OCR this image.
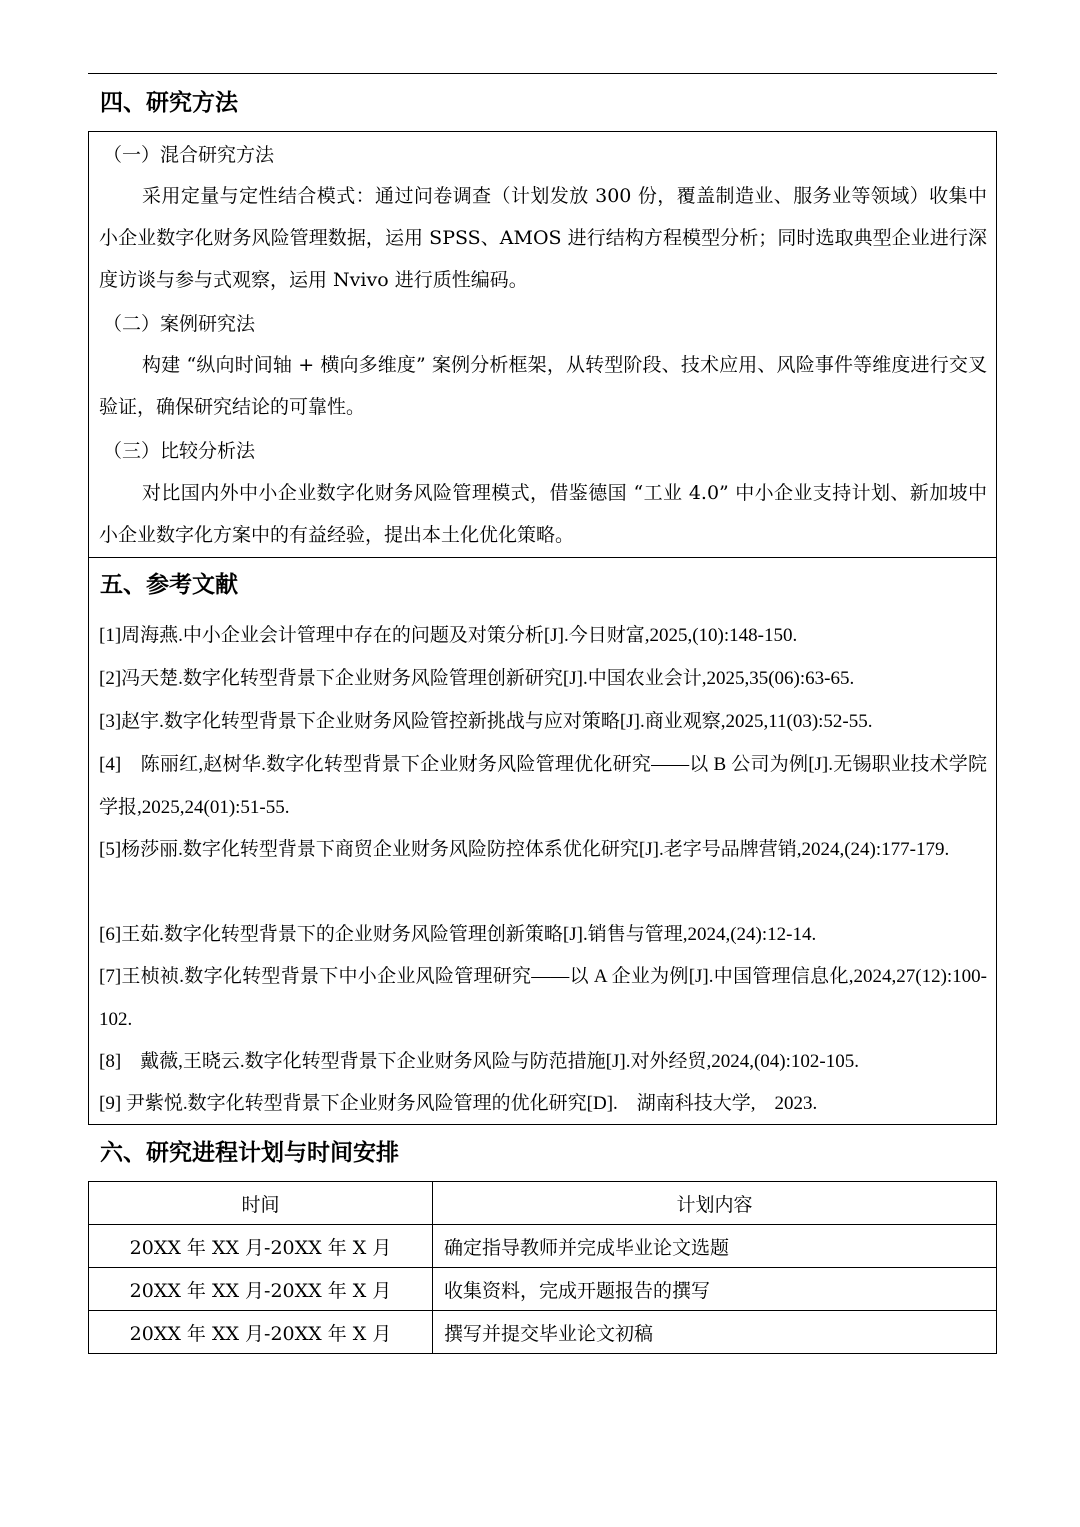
四、研究方法
（一）混合研究方法
采用定量与定性结合模式：通过问卷调查（计划发放 300 份，覆盖制造业、服务业等领域）收集中小企业数字化财务风险管理数据，运用 SPSS、AMOS 进行结构方程模型分析；同时选取典型企业进行深度访谈与参与式观察，运用 Nvivo 进行质性编码。
（二）案例研究法
构建 “纵向时间轴 + 横向多维度” 案例分析框架，从转型阶段、技术应用、风险事件等维度进行交叉验证，确保研究结论的可靠性。
（三）比较分析法
对比国内外中小企业数字化财务风险管理模式，借鉴德国 “工业 4.0” 中小企业支持计划、新加坡中小企业数字化方案中的有益经验，提出本土化优化策略。
五、参考文献
[1]周海燕.中小企业会计管理中存在的问题及对策分析[J].今日财富,2025,(10):148-150.
[2]冯天楚.数字化转型背景下企业财务风险管理创新研究[J].中国农业会计,2025,35(06):63-65.
[3]赵宇.数字化转型背景下企业财务风险管控新挑战与应对策略[J].商业观察,2025,11(03):52-55.
[4]　陈丽红,赵树华.数字化转型背景下企业财务风险管理优化研究——以 B 公司为例[J].无锡职业技术学院学报,2025,24(01):51-55.
[5]杨莎丽.数字化转型背景下商贸企业财务风险防控体系优化研究[J].老字号品牌营销,2024,(24):177-179.
[6]王茹.数字化转型背景下的企业财务风险管理创新策略[J].销售与管理,2024,(24):12-14.
[7]王桢祯.数字化转型背景下中小企业风险管理研究——以 A 企业为例[J].中国管理信息化,2024,27(12):100-102.
[8]　戴薇,王晓云.数字化转型背景下企业财务风险与防范措施[J].对外经贸,2024,(04):102-105.
[9] 尹紫悦.数字化转型背景下企业财务风险管理的优化研究[D].　湖南科技大学,　2023.
六、研究进程计划与时间安排
时间	计划内容
20XX 年 XX 月-20XX 年 X 月	确定指导教师并完成毕业论文选题
20XX 年 XX 月-20XX 年 X 月	收集资料，完成开题报告的撰写
20XX 年 XX 月-20XX 年 X 月	撰写并提交毕业论文初稿
